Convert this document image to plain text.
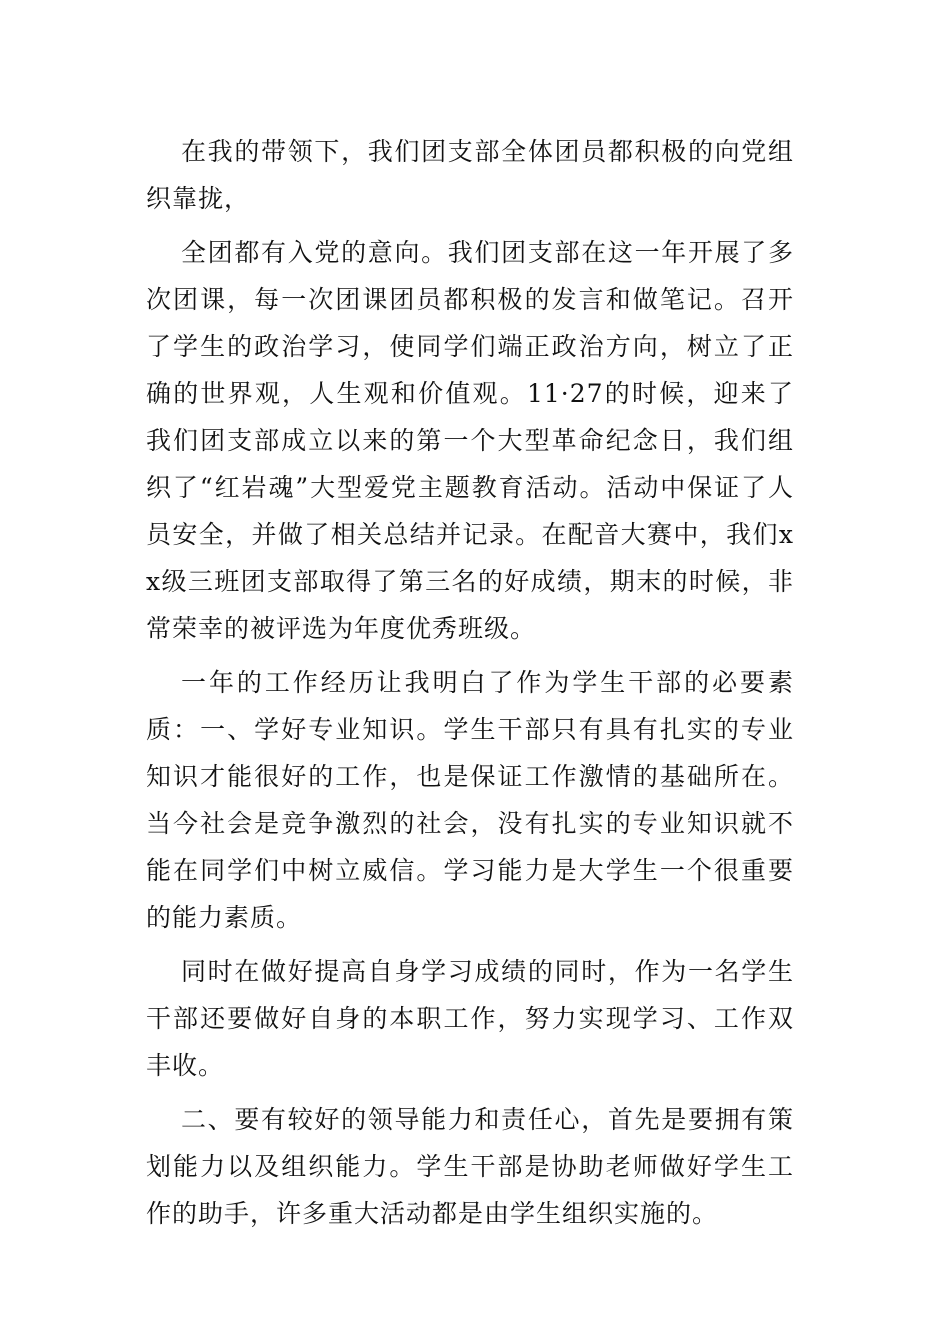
在我的带领下，我们团支部全体团员都积极的向党组织靠拢，

全团都有入党的意向。我们团支部在这一年开展了多次团课，每一次团课团员都积极的发言和做笔记。召开了学生的政治学习，使同学们端正政治方向，树立了正确的世界观，人生观和价值观。11·27的时候，迎来了我们团支部成立以来的第一个大型革命纪念日，我们组织了“红岩魂”大型爱党主题教育活动。活动中保证了人员安全，并做了相关总结并记录。在配音大赛中，我们xx级三班团支部取得了第三名的好成绩，期末的时候，非常荣幸的被评选为年度优秀班级。

一年的工作经历让我明白了作为学生干部的必要素质：一、学好专业知识。学生干部只有具有扎实的专业知识才能很好的工作，也是保证工作激情的基础所在。当今社会是竞争激烈的社会，没有扎实的专业知识就不能在同学们中树立威信。学习能力是大学生一个很重要的能力素质。

同时在做好提高自身学习成绩的同时，作为一名学生干部还要做好自身的本职工作，努力实现学习、工作双丰收。

二、要有较好的领导能力和责任心，首先是要拥有策划能力以及组织能力。学生干部是协助老师做好学生工作的助手，许多重大活动都是由学生组织实施的。
